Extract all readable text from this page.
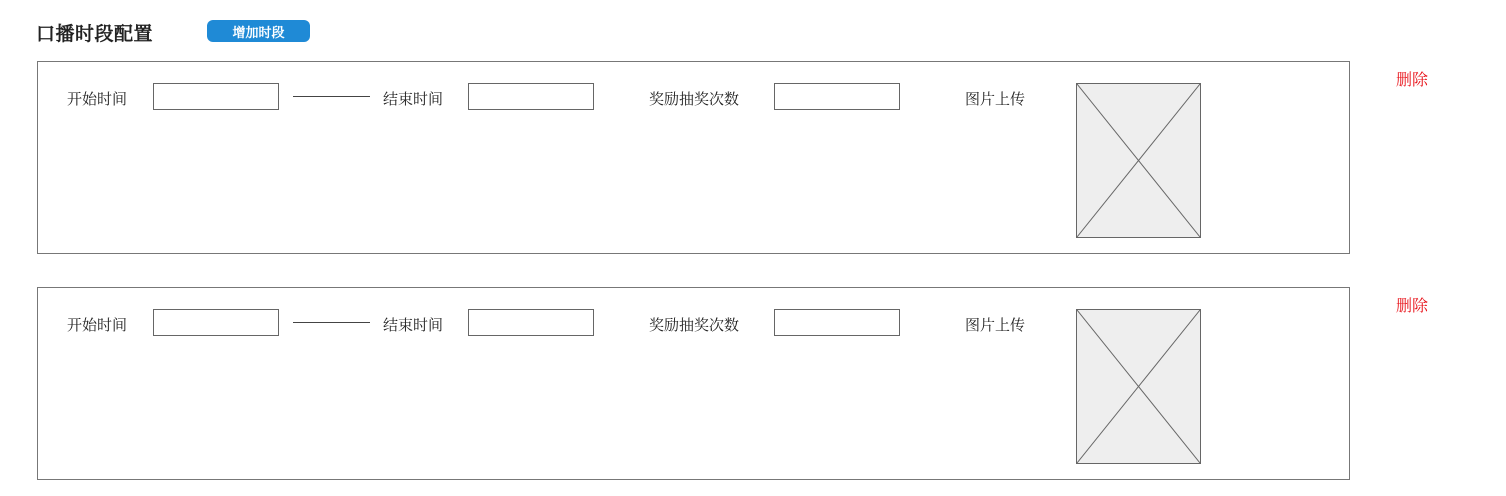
口播时段配置	增加时段
开始时间	结束时间	奖励抽奖次数	图片上传
删除
开始时间	结束时间	奖励抽奖次数	图片上传
删除
